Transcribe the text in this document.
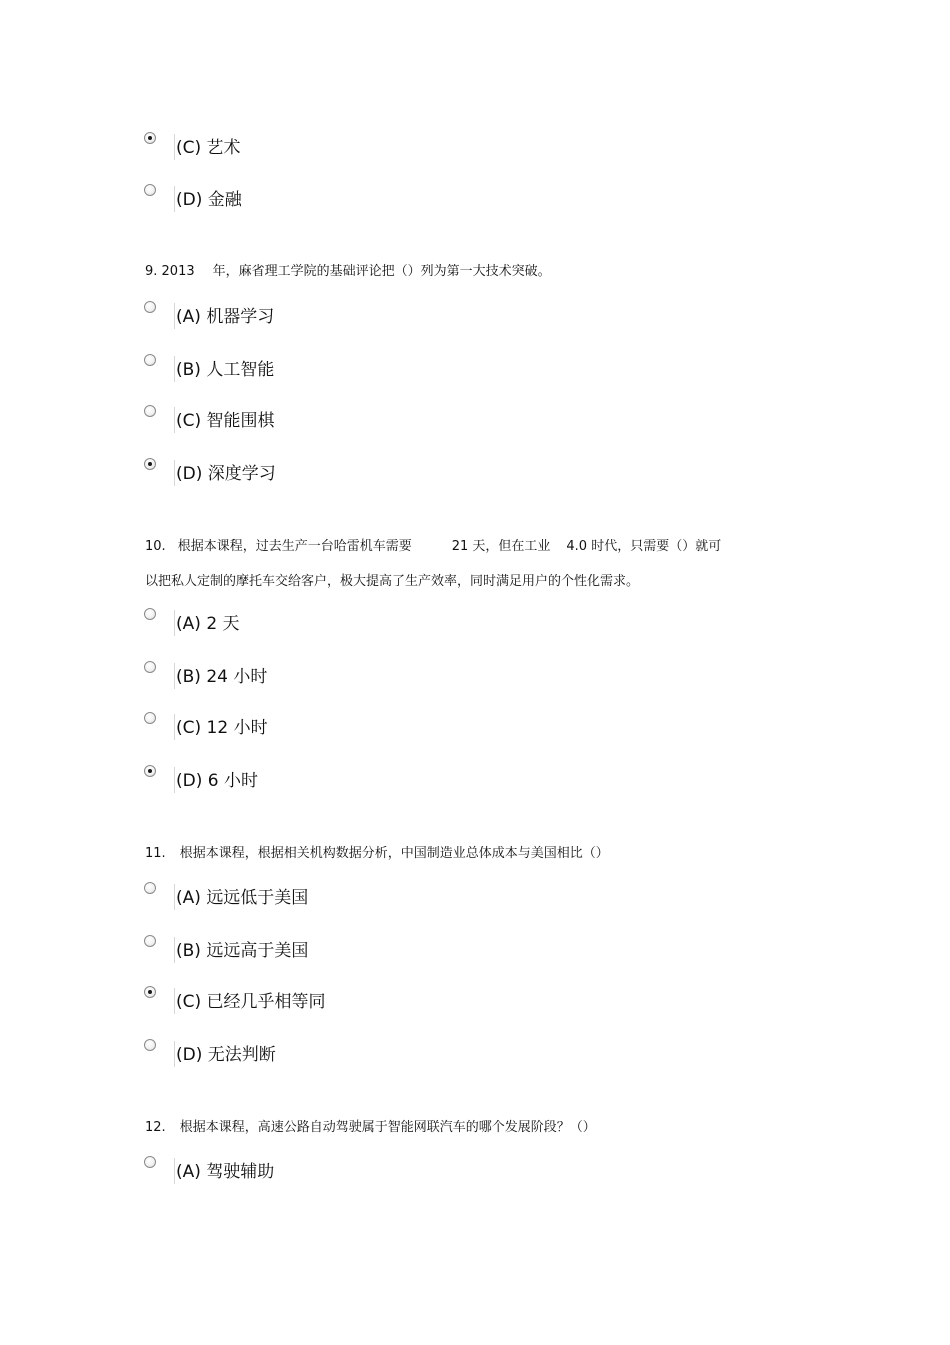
(C) 艺术
(D) 金融
9. 2013 年，麻省理工学院的基础评论把（）列为第一大技术突破。
(A) 机器学习
(B) 人工智能
(C) 智能围棋
(D) 深度学习
10. 根据本课程，过去生产一台哈雷机车需要	21 天，但在工业 4.0 时代，只需要（）就可
以把私人定制的摩托车交给客户，极大提高了生产效率，同时满足用户的个性化需求。
(A) 2 天
(B) 24 小时
(C) 12 小时
(D) 6 小时
11. 根据本课程，根据相关机构数据分析，中国制造业总体成本与美国相比（）
(A) 远远低于美国
(B) 远远高于美国
(C) 已经几乎相等同
(D) 无法判断
12. 根据本课程，高速公路自动驾驶属于智能网联汽车的哪个发展阶段？（）
(A) 驾驶辅助
